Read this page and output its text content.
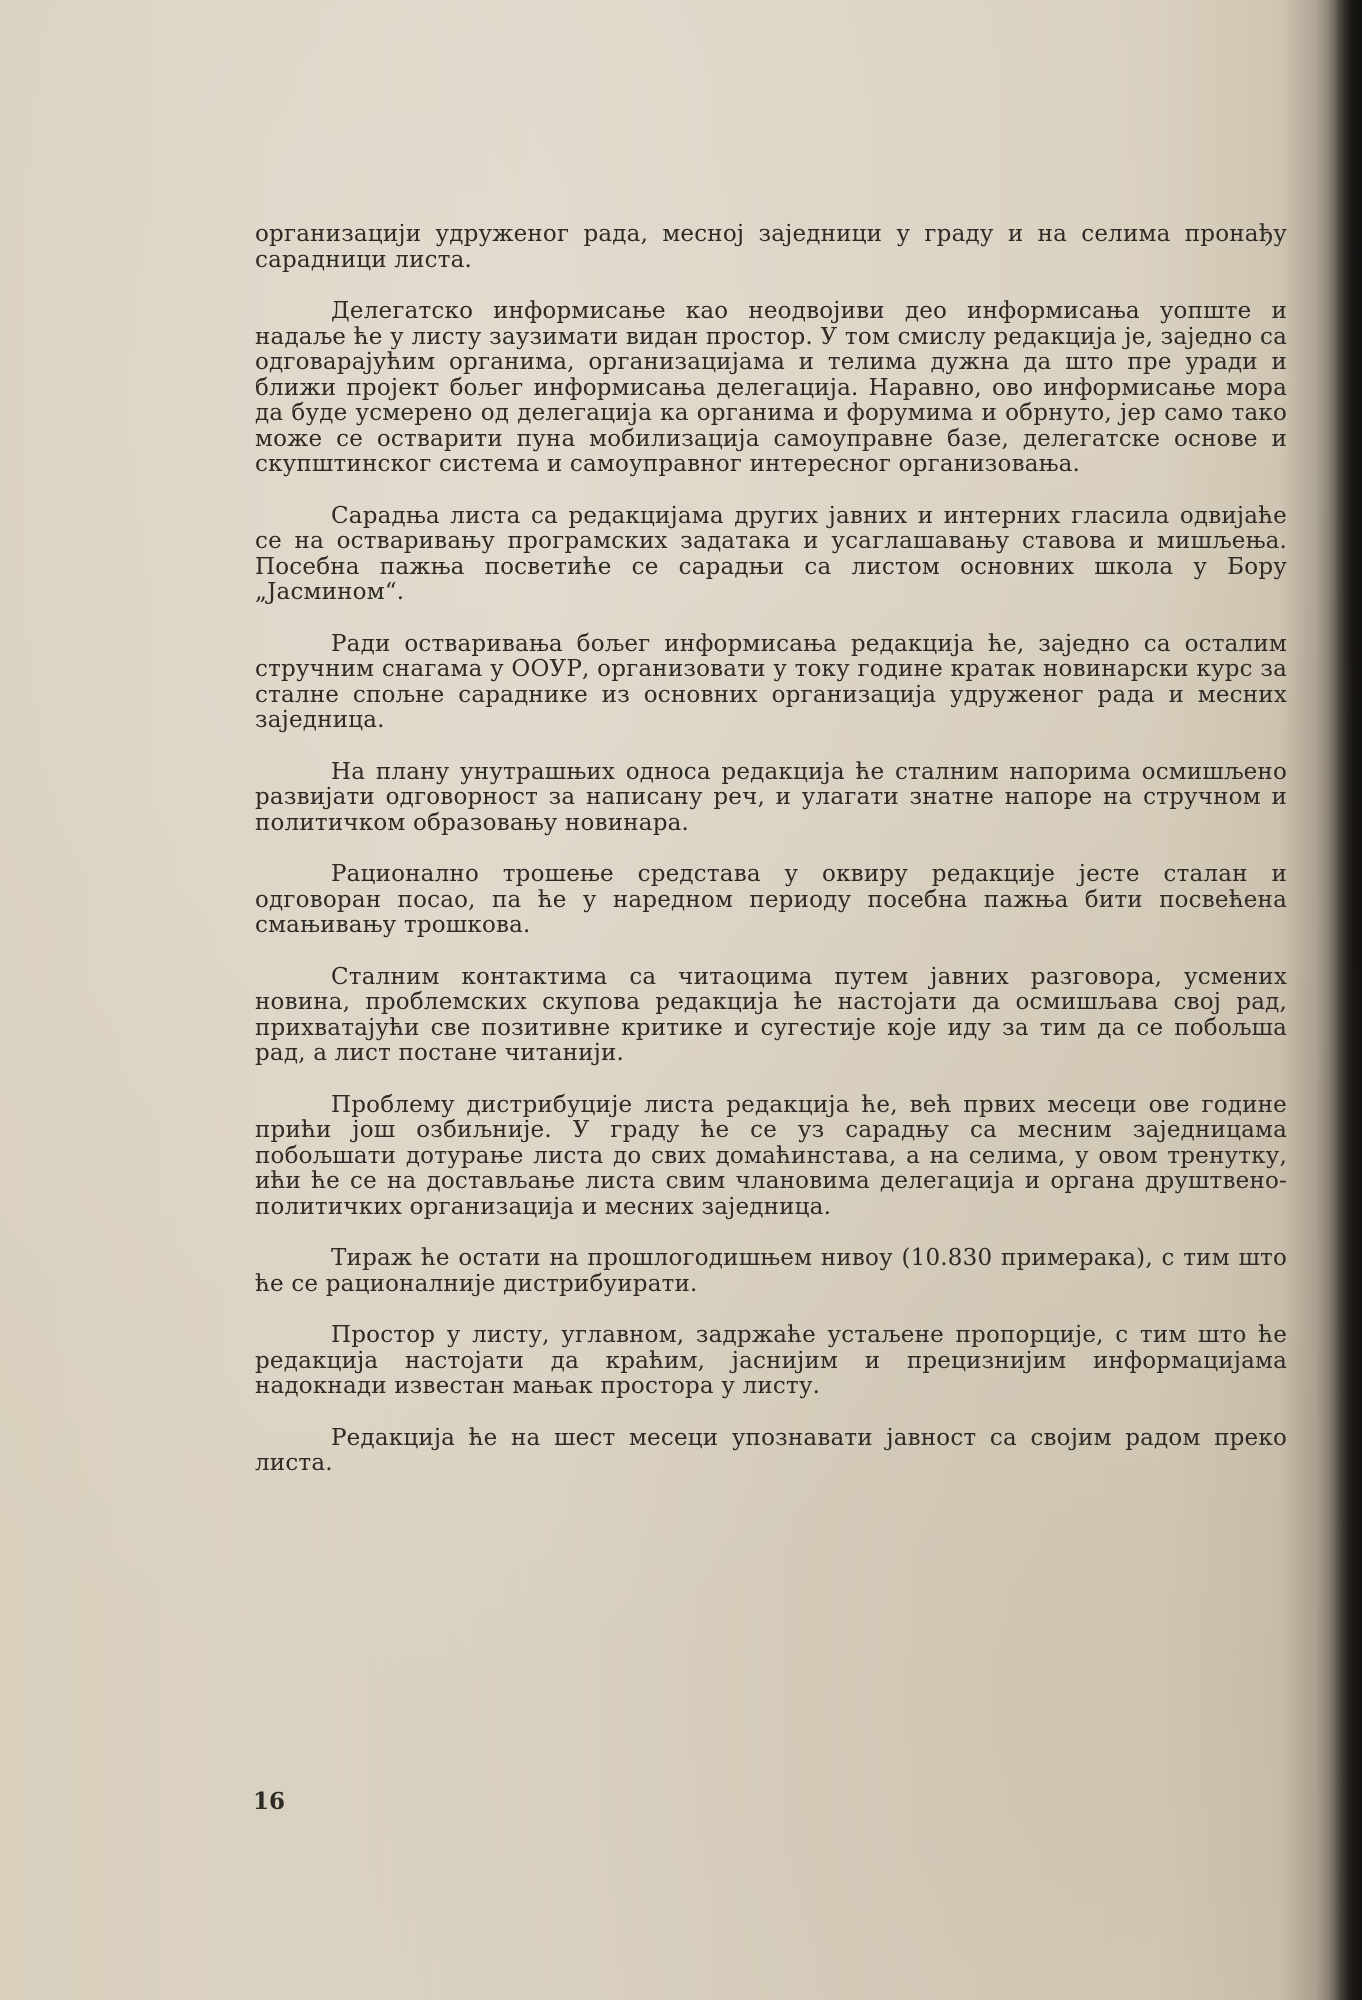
организацији удруженог рада, месној заједници у граду и на селима пронађу сарадници листа.

Делегатско информисање као неодвојиви део информисања уопште и надаље ће у листу заузимати видан простор. У том смислу редакција је, заједно са одговарајућим органима, организацијама и телима дужна да што пре уради и ближи пројект бољег информисања делегација. Наравно, ово информисање мора да буде усмерено од делегација ка органима и форумима и обрнуто, јер само тако може се остварити пуна мобилизација самоуправне базе, делегатске основе и скупштинског система и самоуправног интересног организовања.

Сарадња листа са редакцијама других јавних и интерних гласила одвијаће се на остваривању програмских задатака и усаглашавању ставова и мишљења. Посебна пажња посветиће се сарадњи са листом основних школа у Бору „Јасмином“.

Ради остваривања бољег информисања редакција ће, заједно са осталим стручним снагама у ООУР, организовати у току године кратак новинарски курс за сталне спољне сараднике из основних организација удруженог рада и месних заједница.

На плану унутрашњих односа редакција ће сталним напорима осмишљено развијати одговорност за написану реч, и улагати знатне напоре на стручном и политичком образовању новинара.

Рационално трошење средстава у оквиру редакције јесте сталан и одговоран посао, па ће у наредном периоду посебна пажња бити посвећена смањивању трошкова.

Сталним контактима са читаоцима путем јавних разговора, усмених новина, проблемских скупова редакција ће настојати да осмишљава свој рад, прихватајући све позитивне критике и сугестије које иду за тим да се побољша рад, а лист постане читанији.

Проблему дистрибуције листа редакција ће, већ првих месеци ове године прићи још озбиљније. У граду ће се уз сарадњу са месним заједницама побољшати дотурање листа до свих домаћинстава, а на селима, у овом тренутку, ићи ће се на достављање листа свим члановима делегација и органа друштвено-политичких организација и месних заједница.

Тираж ће остати на прошлогодишњем нивоу (10.830 примерака), с тим што ће се рационалније дистрибуирати.

Простор у листу, углавном, задржаће устаљене пропорције, с тим што ће редакција настојати да краћим, јаснијим и прецизнијим информацијама надокнади известан мањак простора у листу.

Редакција ће на шест месеци упознавати јавност са својим радом преко листа.

16
